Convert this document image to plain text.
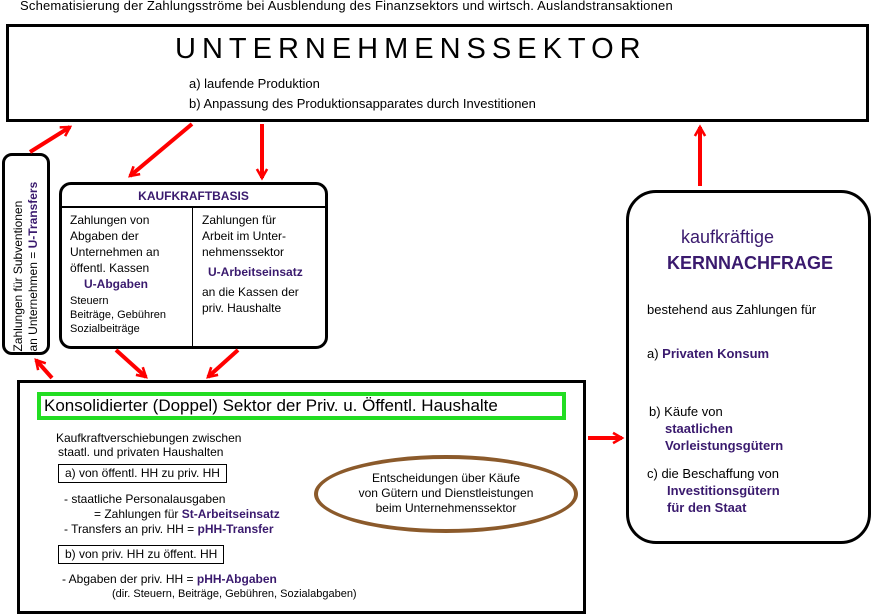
Schematisierung der Zahlungsströme bei Ausblendung des Finanzsektors und wirtsch. Auslandstransaktionen
UNTERNEHMENSSEKTOR
a) laufende Produktion
b) Anpassung des Produktionsapparates durch Investitionen
Zahlungen für Subventionen an Unternehmen = U-Transfers	KAUFKRAFTBASIS
Zahlungen von
Abgaben der
Unternehmen an
öffentl. Kassen
U-Abgaben
Steuern
Beiträge, Gebühren
Sozialbeiträge
Zahlungen für
Arbeit im Unter-
nehmenssektor
U-Arbeitseinsatz
an die Kassen der
priv. Haushalte
kaufkräftige
KERNNACHFRAGE
bestehend aus Zahlungen für
a) Privaten Konsum
b) Käufe von
staatlichen
Vorleistungsgütern
c) die Beschaffung von
Investitionsgütern
für den Staat
Konsolidierter (Doppel) Sektor der Priv. u. Öffentl. Haushalte
Kaufkraftverschiebungen zwischen
staatl. und privaten Haushalten
a) von öffentl. HH zu priv. HH
- staatliche Personalausgaben
= Zahlungen für St-Arbeitseinsatz
- Transfers an priv. HH = pHH-Transfer
b) von priv. HH zu öffent. HH
- Abgaben der priv. HH = pHH-Abgaben
(dir. Steuern, Beiträge, Gebühren, Sozialabgaben)
Entscheidungen über Käufe
von Gütern und Dienstleistungen
beim Unternehmenssektor
